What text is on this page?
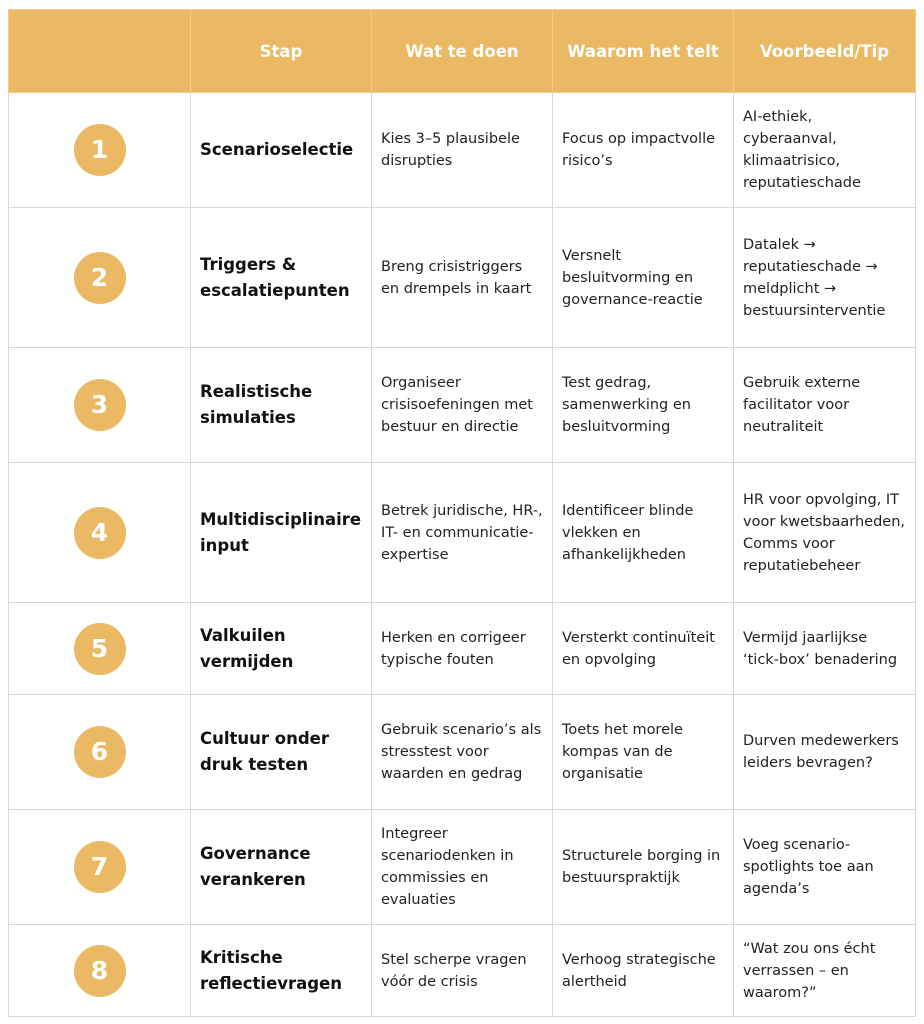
	Stap	Wat te doen	Waarom het telt	Voorbeeld/Tip
1	Scenarioselectie	Kies 3–5 plausibele disrupties	Focus op impactvolle risico’s	AI-ethiek, cyberaanval, klimaatrisico, reputatieschade
2	Triggers & escalatiepunten	Breng crisistriggers en drempels in kaart	Versnelt besluitvorming en governance-reactie	Datalek → reputatieschade → meldplicht → bestuursinterventie
3	Realistische simulaties	Organiseer crisisoefeningen met bestuur en directie	Test gedrag, samenwerking en besluitvorming	Gebruik externe facilitator voor neutraliteit
4	Multidisciplinaire input	Betrek juridische, HR-, IT- en communicatie-expertise	Identificeer blinde vlekken en afhankelijkheden	HR voor opvolging, IT voor kwetsbaarheden, Comms voor reputatiebeheer
5	Valkuilen vermijden	Herken en corrigeer typische fouten	Versterkt continuïteit en opvolging	Vermijd jaarlijkse ‘tick-box’ benadering
6	Cultuur onder druk testen	Gebruik scenario’s als stresstest voor waarden en gedrag	Toets het morele kompas van de organisatie	Durven medewerkers leiders bevragen?
7	Governance verankeren	Integreer scenariodenken in commissies en evaluaties	Structurele borging in bestuurspraktijk	Voeg scenario-spotlights toe aan agenda’s
8	Kritische reflectievragen	Stel scherpe vragen vóór de crisis	Verhoog strategische alertheid	“Wat zou ons écht verrassen – en waarom?”
